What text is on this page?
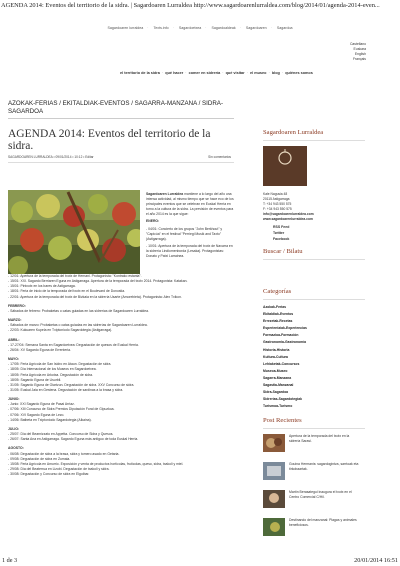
AGENDA 2014: Eventos del territorio de la sidra. | Sagardoaren Lurraldea http://www.sagardoarenlurraldea.com/blog/2014/01/agenda-2014-even...
Sagardoaren lurraldea · Texts.info · Sagardoetxea · Sagardoaldeak · Sagardoaren · Sagardoa
Castellano
Euskara
English
Français
el territorio de la sidra · qué hacer · comer en sidrería · qué visitar · el museo · blog · quiénes somos
AZOKAK-FERIAS / EKITALDIAK-EVENTOS / SAGARRA-MANZANA / SIDRA-SAGARDOA
AGENDA 2014: Eventos del territorio de la sidra.
SAGARDOAREN LURRALDEA • 09/01/2014 • 10:12 • Editar	Sin comentarios

Sagardoaren Lurraldea mantiene a lo largo del año una intensa actividad, al mismo tiempo que se hace eco de los principales eventos que se celebran en Euskal Herria en torno a la cultura de la sidra. La previsión de eventos para el año 2014 es la que sigue:

ENERO:

- 04/01: Concierto de los grupos "John Berkhout" y "Capicúa" en el festival "Perriegi Musik and Taxto" (Astigarraga).

- 10/01: Apertura de la temporada del txotx de Navarra en la sidrería Lindiomenborda (Lesaka). Protagonistas: Donato y Patxi Larrainea.

- 12/01: Apertura de la temporada del txotx de Hernani. Protagonista: "Kontrako estanta".
- 15/01: XXI. Sagardo Berriaren Eguna en Astigarraga. Apertura de la temporada del txotx 2014. Protagonista: Katakan.
- 15/01: Pintxotx en los bares de Astigarraga.
- 18/01: Feria de inicio de la temporada del txotx en el Boulevard de Donostia.
- 22/01: Apertura de la temporada del txotx de Bizkaia en la sidrería Usarte (Amorebieta). Protagonista: Alex Txikon.
FEBRERO:
- Sábados de febrero: Probaketas o catas guiadas en las sidrerías de Sagardoaren Lurraldea.
MARZO:
- Sábados de marzo: Probaketas o catas guiadas en las sidrerías de Sagardoaren Lurraldea.
- 22/03: Kukuaren Kupela en Txiptoniodo Sagardotegia (Astigarraga).
ABRIL:
- 17-27/04: Semana Santa en Sagardoetxea: Degustación de quesos de Euskal Herria.
- 26/04: XV Sagardo Eguna de Errenteria.
MAYO:
- 17/05: Feria Agrícola de San Isidro en Ataun. Degustación de sidra.
- 18/05: Día Internacional de los Museos en Sagardoetxea.
- 18/05: Feria Agrícola en Arkotxa. Degustación de sidra.
- 18/05: Sagardo Eguna de Usurbil.
- 31/05: Sagardo Eguna de Oiartzun. Degustación de sidra. XXV Concurso de sidra.
- 31/05: Euskal Jaia en Gestena. Degustación de sardinas a la brasa y sidra.
JUNIO:
- Junio: XXI Sagardo Eguna de Pasai Arriaz.
- 07/06: XIII Concurso de Sidra Premios Diputación Foral de Gipuzkoa.
- 07/06: XVI Sagardo Eguna de Lezo.
- 14/06: Batbeta en Txiptoniodo Sagardotegia (Alkaina).
JULIO:
- 25/07: Día del Bearnizzato en Appetta. Concurso de Sidra y Quesos.
- 26/07: Santa Ana en Astigarraga. Sagardo Eguna más antiguo de toda Euskal Herria.
AGOSTO:
- 06/08: Degustación de sidra a la brasa, sidra y tomero asado en Getaria.
- 09/08: Degustación de sidra en Zumaia.
- 15/08: Feria Agrícola en Amurrio. Exposición y venta de productos hortícolas, frutícolas, queso, sidra, txakoli y miel.
- 29/08: Día del Beaterrua en Lizobi. Degustación de txakoli y sidra.
- 30/08: Degustación y Concurso de sidra en Elgoibar.
Sagardoaren Lurraldea
Kale Nagusia 48
20115 Astigarraga
T: +34 943 550 575
F: +34 943 550 575
info@sagardoarenlurraldea.com
www.sagardoarenlurraldea.com
RSS Feed
Twitter
Facebook
Buscar / Bilatu
Categorías
Azokak-Ferias
Ekitaldiak-Eventos
Errezetak-Recetas
Esperientziak-Experiencias
Formazioa-Formación
Gastronomia-Gastronomía
Historia-Historia
Kultura-Cultura
Lehiaketak-Concursos
Museoa-Museo
Sagarra-Manzana
Sagastia-Manzanal
Sidra-Sagardoa
Sidrerías-Sagardotegiak
Turismoa-Turismo
Post Recientes
Apertura de la temporada del txotx en la sidrería Sarasi.
Gouina Hermanis: sagardogintza, sarrtoak eta tirkobaartak.
Martín Berasategui inaugura el txotx en el Centro Comercial C/Hil.
Destinando del manzanal: Plagas y animales beneficiosos.
1 de 3	20/01/2014 16:51
